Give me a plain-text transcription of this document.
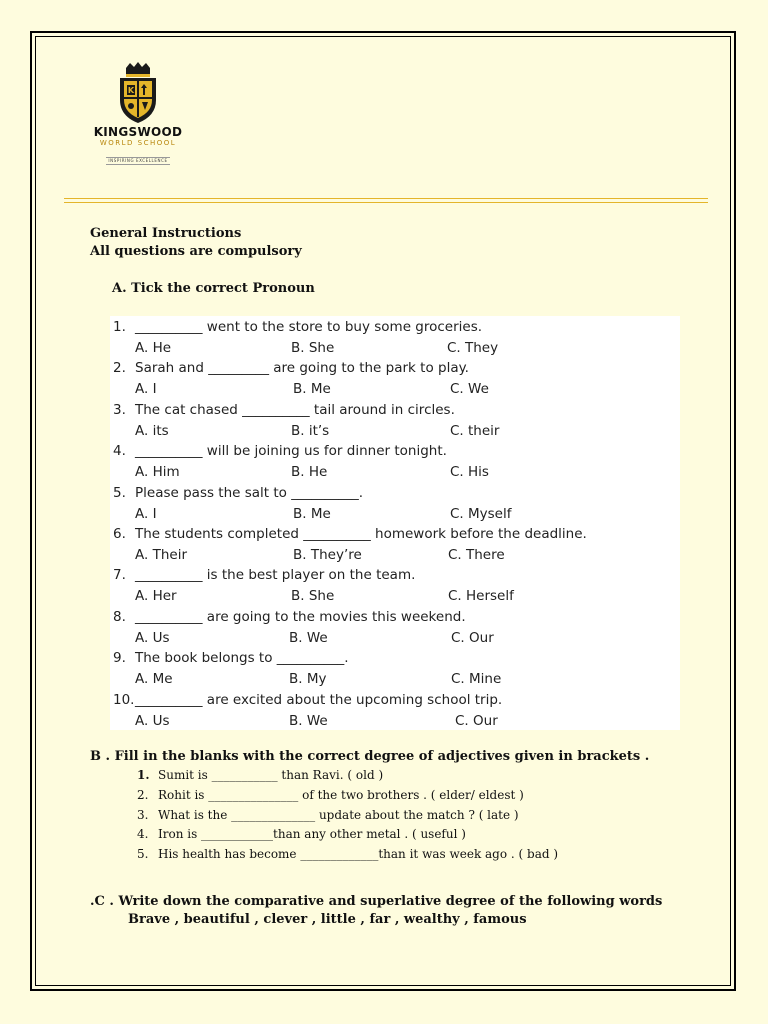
K
KINGSWOOD
WORLD SCHOOL
INSPIRING EXCELLENCE
General Instructions
All questions are compulsory
A. Tick the correct Pronoun
1. __________ went to the store to buy some groceries.
A. He	B. She	C. They
2. Sarah and _________ are going to the park to play.
A. I	B. Me	C. We
3. The cat chased __________ tail around in circles.
A. its	B. it’s	C. their
4. __________ will be joining us for dinner tonight.
A. Him	B. He	C. His
5. Please pass the salt to __________.
A. I	B. Me	C. Myself
6. The students completed __________ homework before the deadline.
A. Their	B. They’re	C. There
7. __________ is the best player on the team.
A. Her	B. She	C. Herself
8. __________ are going to the movies this weekend.
A. Us	B. We	C. Our
9. The book belongs to __________.
A. Me	B. My	C. Mine
10. __________ are excited about the upcoming school trip.
A. Us	B. We	C. Our
B . Fill in the blanks with the correct degree of adjectives given in brackets .
1. Sumit is ___________ than Ravi. ( old )
2. Rohit is _______________ of the two brothers . ( elder/ eldest )
3. What is the ______________ update about the match ? ( late )
4. Iron is ____________than any other metal . ( useful )
5. His health has become _____________than it was week ago . ( bad )
.C . Write down the comparative and superlative degree of the following words
Brave , beautiful , clever , little , far , wealthy , famous
